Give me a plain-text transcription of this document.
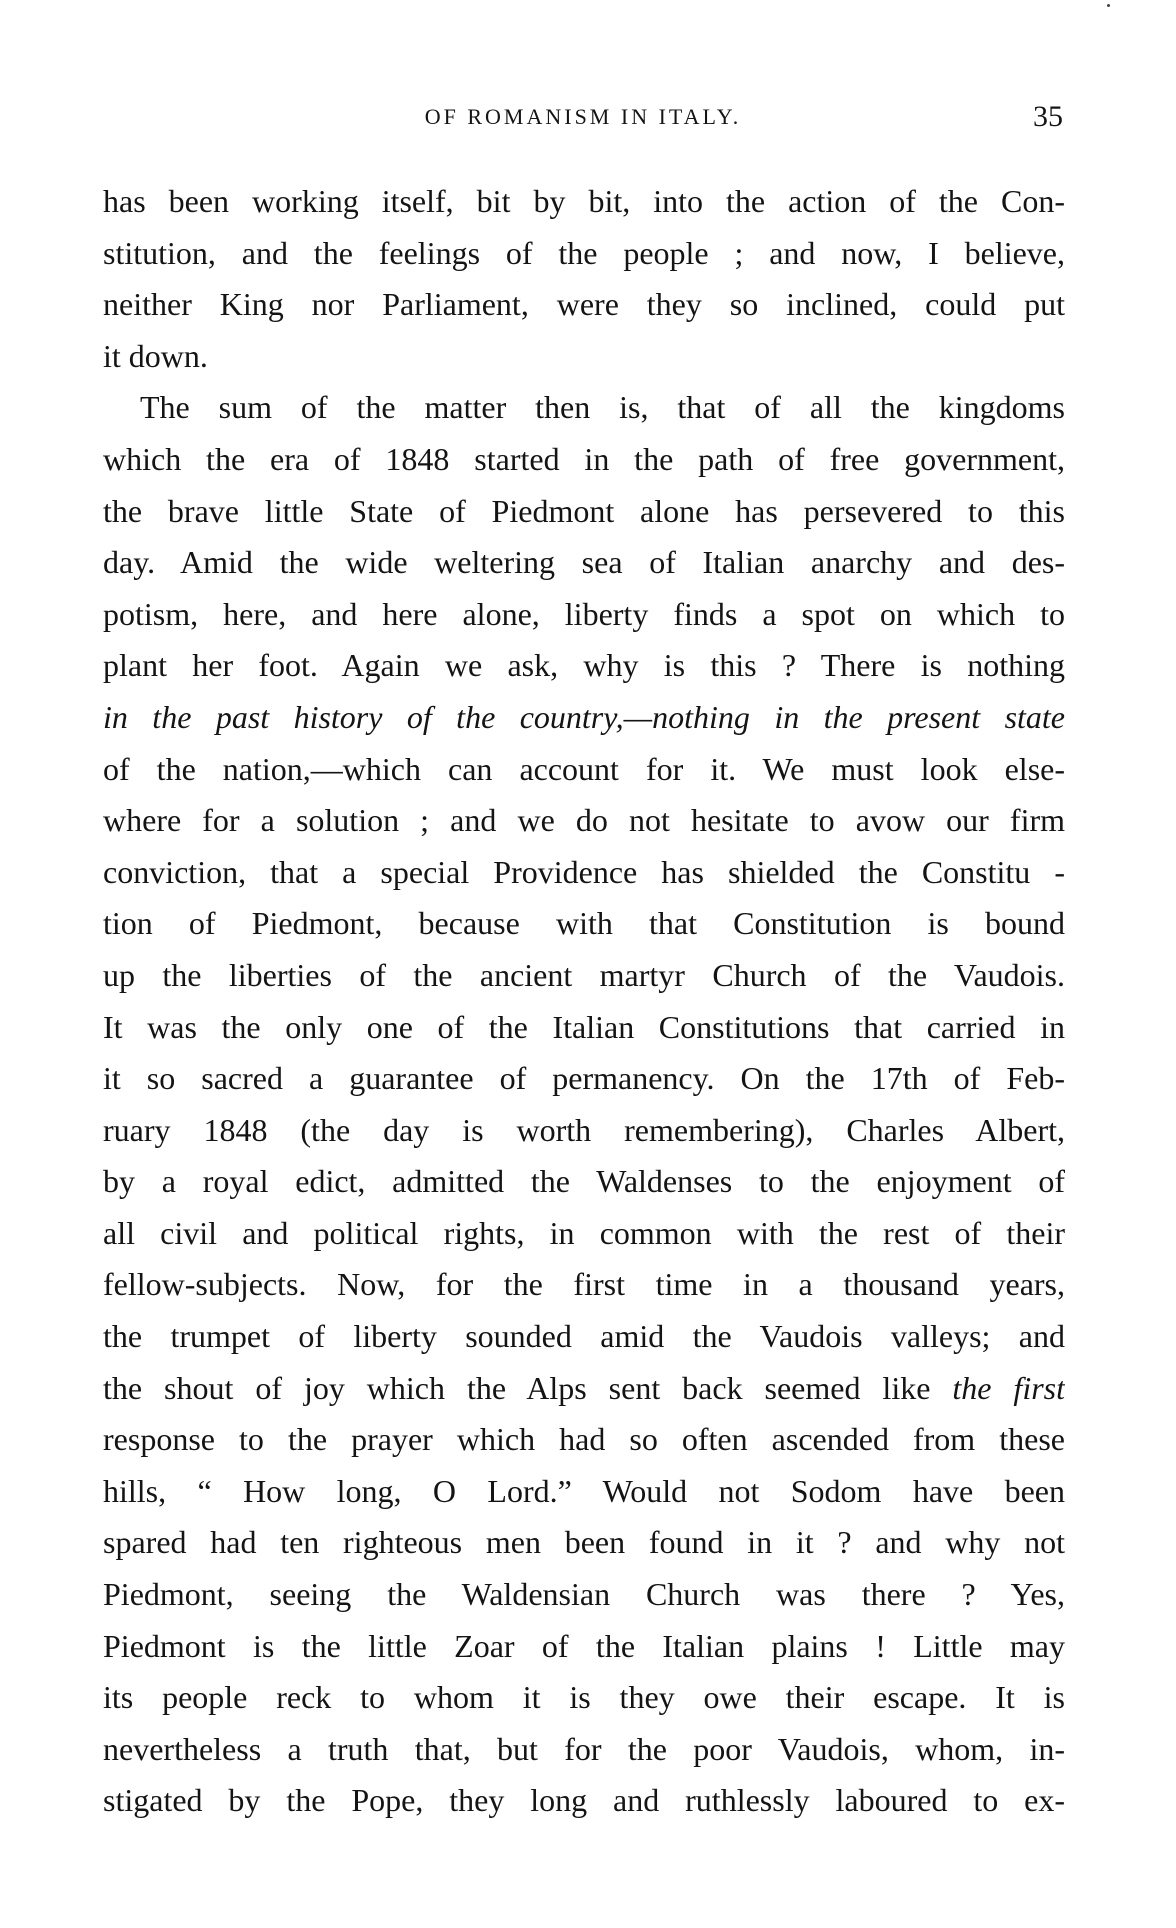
OF ROMANISM IN ITALY.	35
has been working itself, bit by bit, into the action of the Con-
stitution, and the feelings of the people ; and now, I believe,
neither King nor Parliament, were they so inclined, could put
it down.
The sum of the matter then is, that of all the kingdoms
which the era of 1848 started in the path of free government,
the brave little State of Piedmont alone has persevered to this
day. Amid the wide weltering sea of Italian anarchy and des-
potism, here, and here alone, liberty finds a spot on which to
plant her foot. Again we ask, why is this ? There is nothing
in the past history of the country,—nothing in the present state
of the nation,—which can account for it. We must look else-
where for a solution ; and we do not hesitate to avow our firm
conviction, that a special Providence has shielded the Constitu -
tion of Piedmont, because with that Constitution is bound
up the liberties of the ancient martyr Church of the Vaudois.
It was the only one of the Italian Constitutions that carried in
it so sacred a guarantee of permanency. On the 17th of Feb-
ruary 1848 (the day is worth remembering), Charles Albert,
by a royal edict, admitted the Waldenses to the enjoyment of
all civil and political rights, in common with the rest of their
fellow-subjects. Now, for the first time in a thousand years,
the trumpet of liberty sounded amid the Vaudois valleys; and
the shout of joy which the Alps sent back seemed like the first
response to the prayer which had so often ascended from these
hills, “ How long, O Lord.” Would not Sodom have been
spared had ten righteous men been found in it ? and why not
Piedmont, seeing the Waldensian Church was there ? Yes,
Piedmont is the little Zoar of the Italian plains ! Little may
its people reck to whom it is they owe their escape. It is
nevertheless a truth that, but for the poor Vaudois, whom, in-
stigated by the Pope, they long and ruthlessly laboured to ex-
